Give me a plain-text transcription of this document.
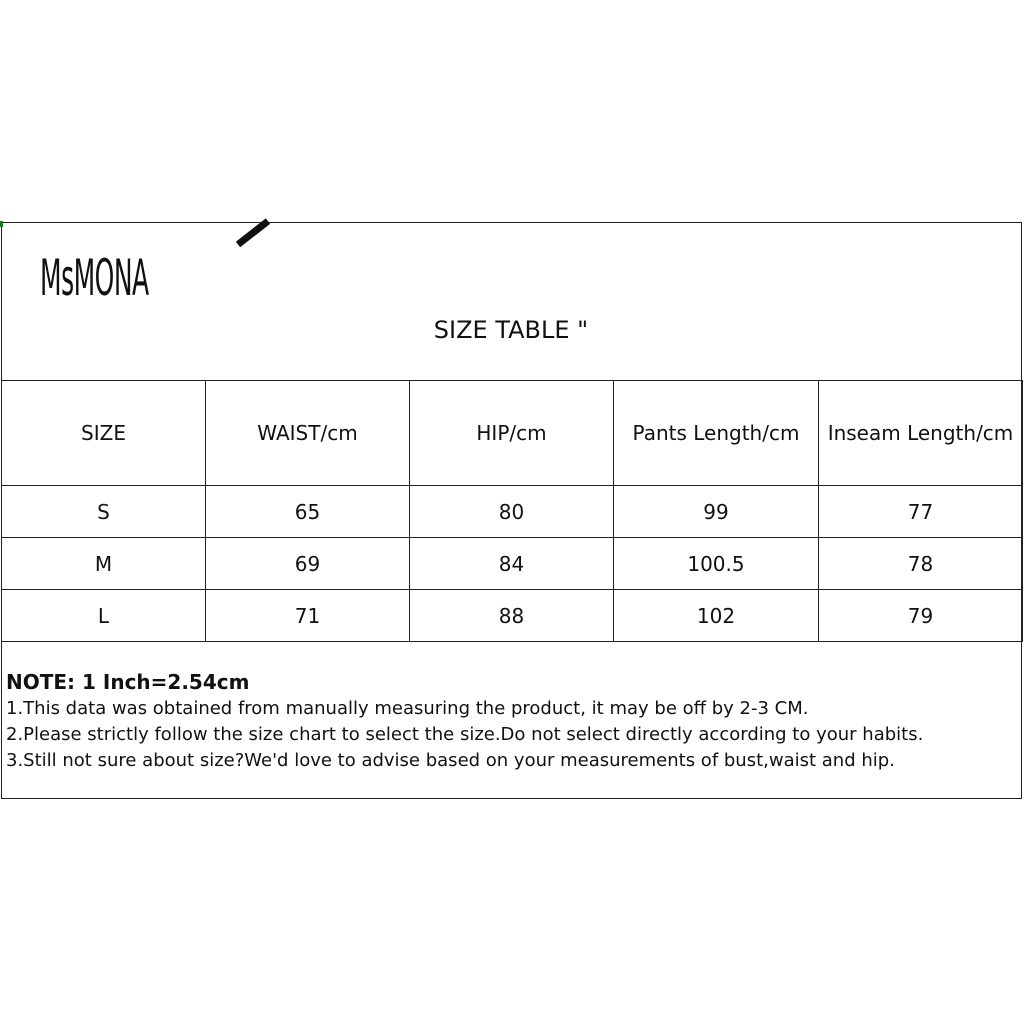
MsMONA
SIZE TABLE "
SIZE	WAIST/cm	HIP/cm	Pants Length/cm	Inseam Length/cm
S	65	80	99	77
M	69	84	100.5	78
L	71	88	102	79

NOTE: 1 Inch=2.54cm

1.This data was obtained from manually measuring the product, it may be off by 2-3 CM.

2.Please strictly follow the size chart to select the size.Do not select directly according to your habits.

3.Still not sure about size?We'd love to advise based on your measurements of bust,waist and hip.
